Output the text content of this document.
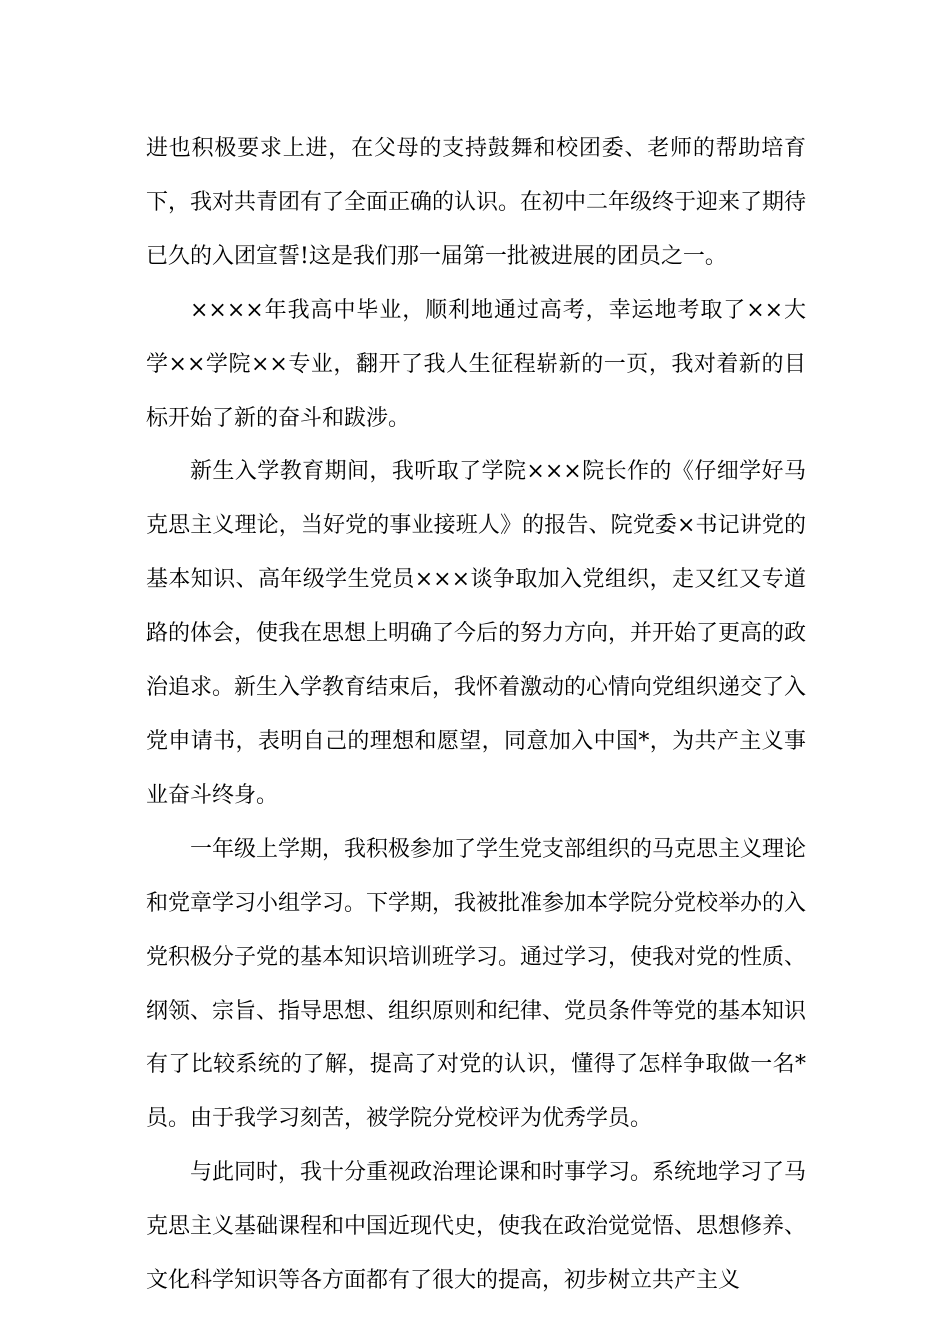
进也积极要求上进，在父母的支持鼓舞和校团委、老师的帮助培育下，我对共青团有了全面正确的认识。在初中二年级终于迎来了期待已久的入团宣誓!这是我们那一届第一批被进展的团员之一。

××××年我高中毕业，顺利地通过高考，幸运地考取了××大学××学院××专业，翻开了我人生征程崭新的一页，我对着新的目标开始了新的奋斗和跋涉。

新生入学教育期间，我听取了学院×××院长作的《仔细学好马克思主义理论，当好党的事业接班人》的报告、院党委×书记讲党的基本知识、高年级学生党员×××谈争取加入党组织，走又红又专道路的体会，使我在思想上明确了今后的努力方向，并开始了更高的政治追求。新生入学教育结束后，我怀着激动的心情向党组织递交了入党申请书，表明自己的理想和愿望，同意加入中国*，为共产主义事业奋斗终身。

一年级上学期，我积极参加了学生党支部组织的马克思主义理论和党章学习小组学习。下学期，我被批准参加本学院分党校举办的入党积极分子党的基本知识培训班学习。通过学习，使我对党的性质、纲领、宗旨、指导思想、组织原则和纪律、党员条件等党的基本知识有了比较系统的了解，提高了对党的认识，懂得了怎样争取做一名*员。由于我学习刻苦，被学院分党校评为优秀学员。

与此同时，我十分重视政治理论课和时事学习。系统地学习了马克思主义基础课程和中国近现代史，使我在政治觉觉悟、思想修养、文化科学知识等各方面都有了很大的提高，初步树立共产主义
